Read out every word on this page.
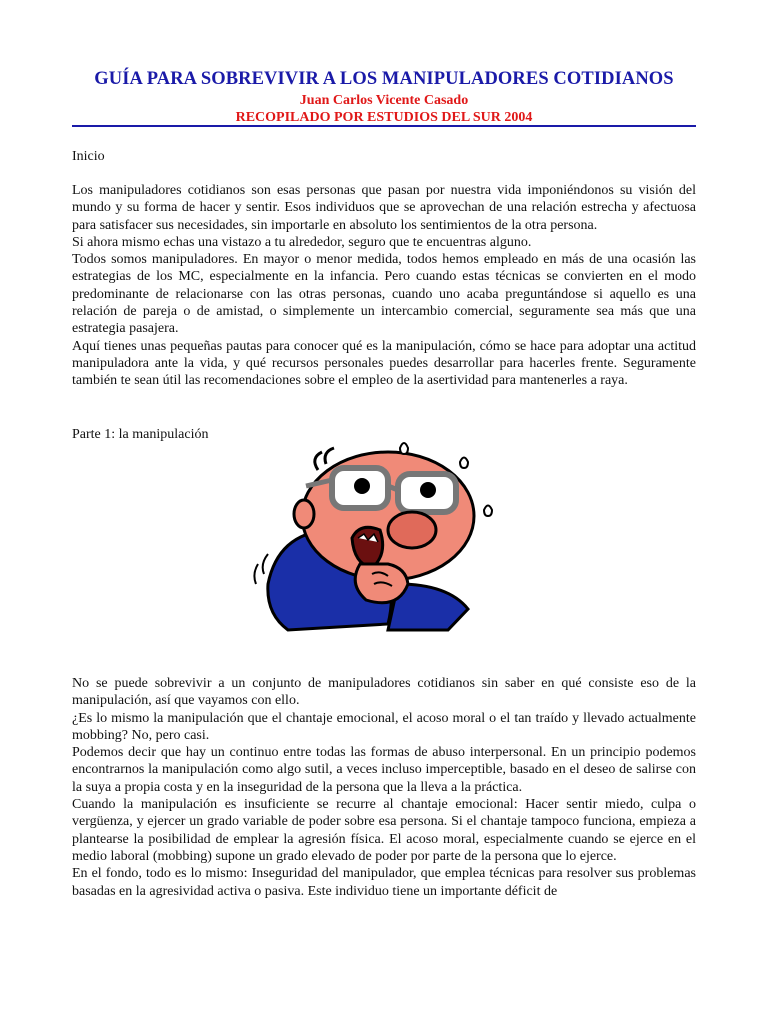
GUÍA PARA SOBREVIVIR A LOS MANIPULADORES COTIDIANOS

Juan Carlos Vicente Casado

RECOPILADO POR ESTUDIOS DEL SUR 2004

Inicio

Los manipuladores cotidianos son esas personas que pasan por nuestra vida imponiéndonos su visión del mundo y su forma de hacer y sentir. Esos individuos que se aprovechan de una relación estrecha y afectuosa para satisfacer sus necesidades, sin importarle en absoluto los sentimientos de la otra persona.

Si ahora mismo echas una vistazo a tu alrededor, seguro que te encuentras alguno.

Todos somos manipuladores. En mayor o menor medida, todos hemos empleado en más de una ocasión las estrategias de los MC, especialmente en la infancia. Pero cuando estas técnicas se convierten en el modo predominante de relacionarse con las otras personas, cuando uno acaba preguntándose si aquello es una relación de pareja o de amistad, o simplemente un intercambio comercial, seguramente sea más que una estrategia pasajera.

Aquí tienes unas pequeñas pautas para conocer qué es la manipulación, cómo se hace para adoptar una actitud manipuladora ante la vida, y qué recursos personales puedes desarrollar para hacerles frente. Seguramente también te sean útil las recomendaciones sobre el empleo de la asertividad para mantenerles a raya.

Parte 1: la manipulación

No se puede sobrevivir a un conjunto de manipuladores cotidianos sin saber en qué consiste eso de la manipulación, así que vayamos con ello.

¿Es lo mismo la manipulación que el chantaje emocional, el acoso moral o el tan traído y llevado actualmente mobbing? No, pero casi.

Podemos decir que hay un continuo entre todas las formas de abuso interpersonal. En un principio podemos encontrarnos la manipulación como algo sutil, a veces incluso imperceptible, basado en el deseo de salirse con la suya a propia costa y en la inseguridad de la persona que la lleva a la práctica.

Cuando la manipulación es insuficiente se recurre al chantaje emocional: Hacer sentir miedo, culpa o vergüenza, y ejercer un grado variable de poder sobre esa persona. Si el chantaje tampoco funciona, empieza a plantearse la posibilidad de emplear la agresión física. El acoso moral, especialmente cuando se ejerce en el medio laboral (mobbing) supone un grado elevado de poder por parte de la persona que lo ejerce.

En el fondo, todo es lo mismo: Inseguridad del manipulador, que emplea técnicas para resolver sus problemas basadas en la agresividad activa o pasiva. Este individuo tiene un importante déficit de
